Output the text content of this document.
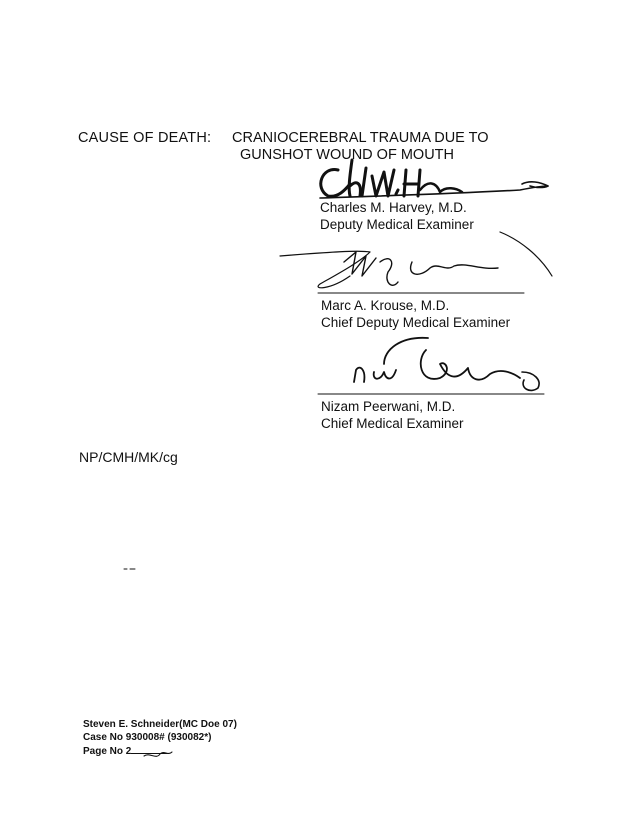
CAUSE OF DEATH: CRANIOCEREBRAL TRAUMA DUE TO
GUNSHOT WOUND OF MOUTH
Charles M. Harvey, M.D.
Deputy Medical Examiner
Marc A. Krouse, M.D.
Chief Deputy Medical Examiner
Nizam Peerwani, M.D.
Chief Medical Examiner
NP/CMH/MK/cg
Steven E. Schneider(MC Doe 07)
Case No 930008# (930082*)
Page No 2
